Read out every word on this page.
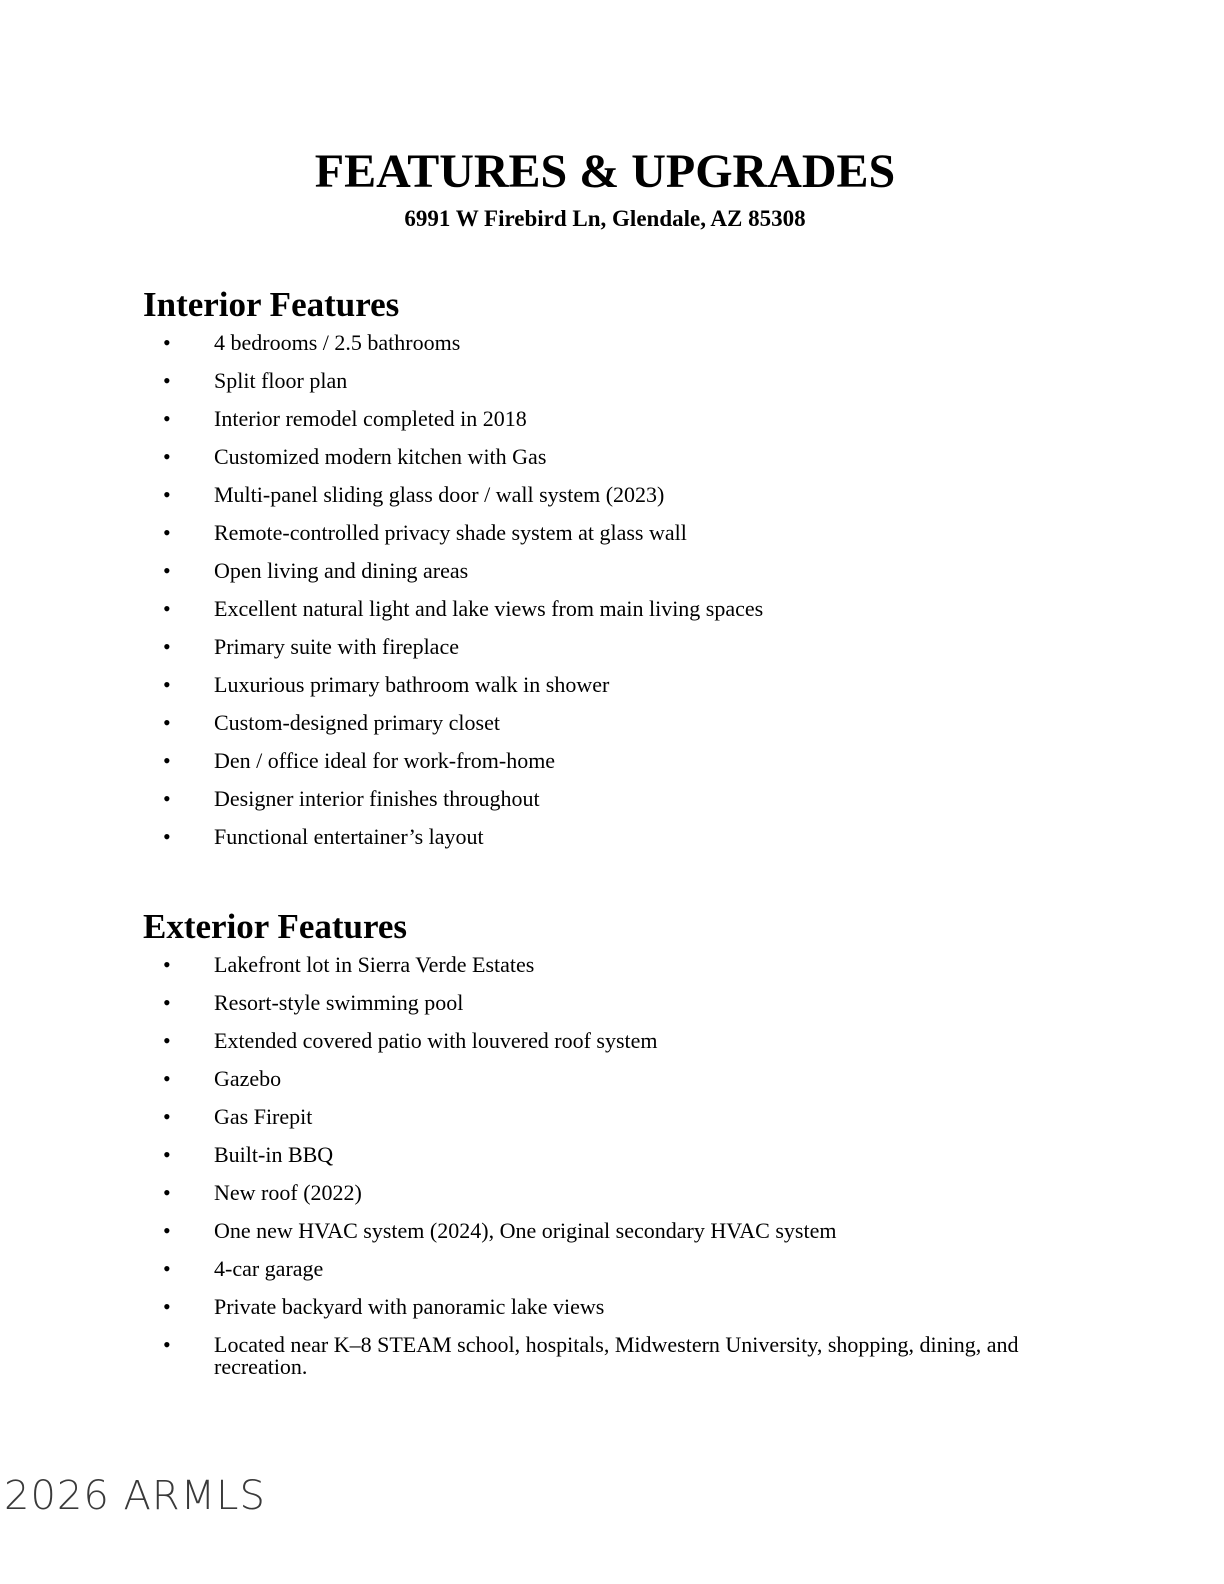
FEATURES & UPGRADES
6991 W Firebird Ln, Glendale, AZ 85308
Interior Features
• 4 bedrooms / 2.5 bathrooms
• Split floor plan
• Interior remodel completed in 2018
• Customized modern kitchen with Gas
• Multi-panel sliding glass door / wall system (2023)
• Remote-controlled privacy shade system at glass wall
• Open living and dining areas
• Excellent natural light and lake views from main living spaces
• Primary suite with fireplace
• Luxurious primary bathroom walk in shower
• Custom-designed primary closet
• Den / office ideal for work-from-home
• Designer interior finishes throughout
• Functional entertainer’s layout
Exterior Features
• Lakefront lot in Sierra Verde Estates
• Resort-style swimming pool
• Extended covered patio with louvered roof system
• Gazebo
• Gas Firepit
• Built-in BBQ
• New roof (2022)
• One new HVAC system (2024), One original secondary HVAC system
• 4-car garage
• Private backyard with panoramic lake views
• Located near K–8 STEAM school, hospitals, Midwestern University, shopping, dining, and recreation.
2026 ARMLS
